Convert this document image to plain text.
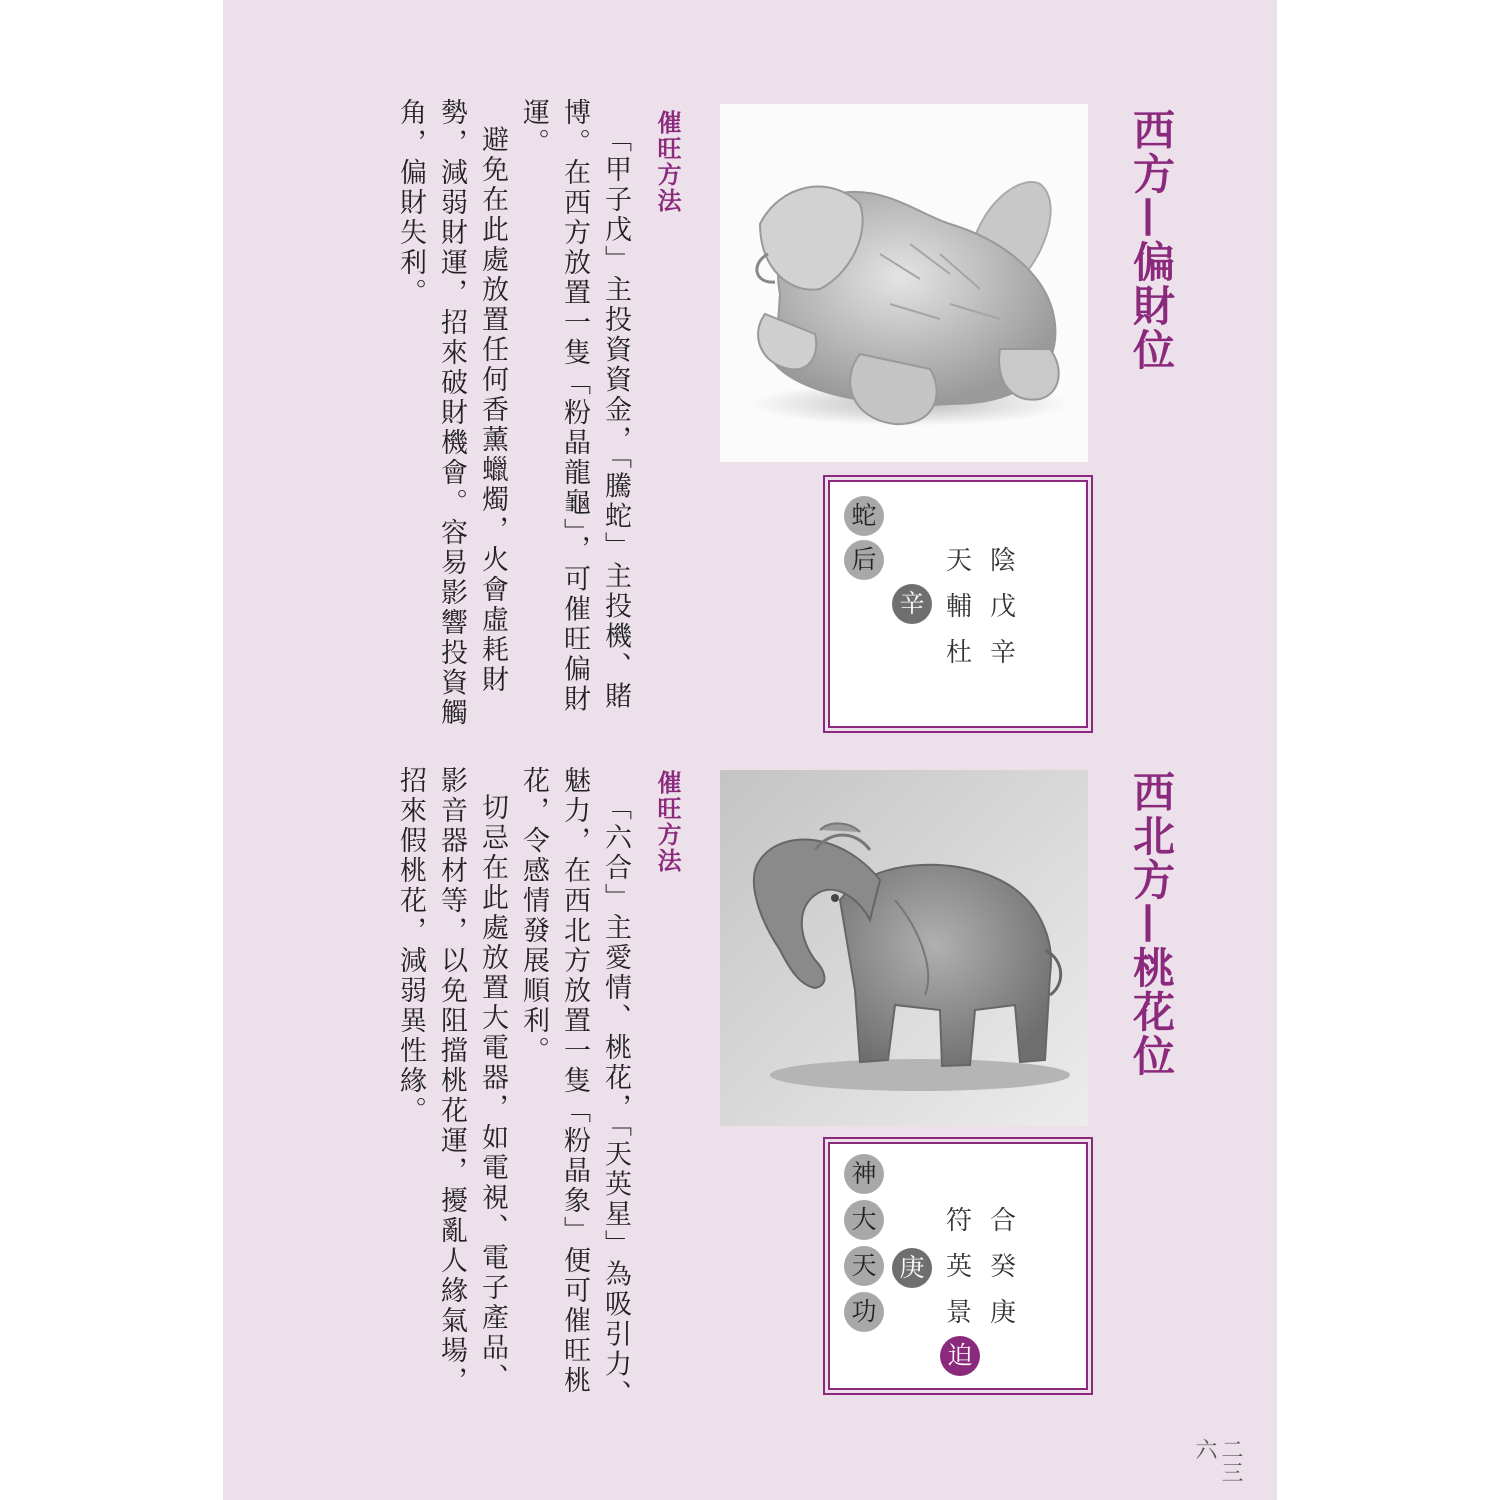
西方—偏財位
蛇
后
辛
天
輔
杜
陰
戊
辛
催旺方法

「甲子戊」主投資資金，「騰蛇」主投機、賭博。在西方放置一隻「粉晶龍龜」，可催旺偏財運。

避免在此處放置任何香薰蠟燭，火會虛耗財勢，減弱財運，招來破財機會。容易影響投資觸角，偏財失利。

西北方—桃花位
神
大
天
功
庚
符
英
景
合
癸
庚
迫
催旺方法

「六合」主愛情、桃花，「天英星」為吸引力、魅力，在西北方放置一隻「粉晶象」便可催旺桃花，令感情發展順利。

切忌在此處放置大電器，如電視、電子產品、影音器材等，以免阻擋桃花運，擾亂人緣氣場，招來假桃花，減弱異性緣。

二三六
